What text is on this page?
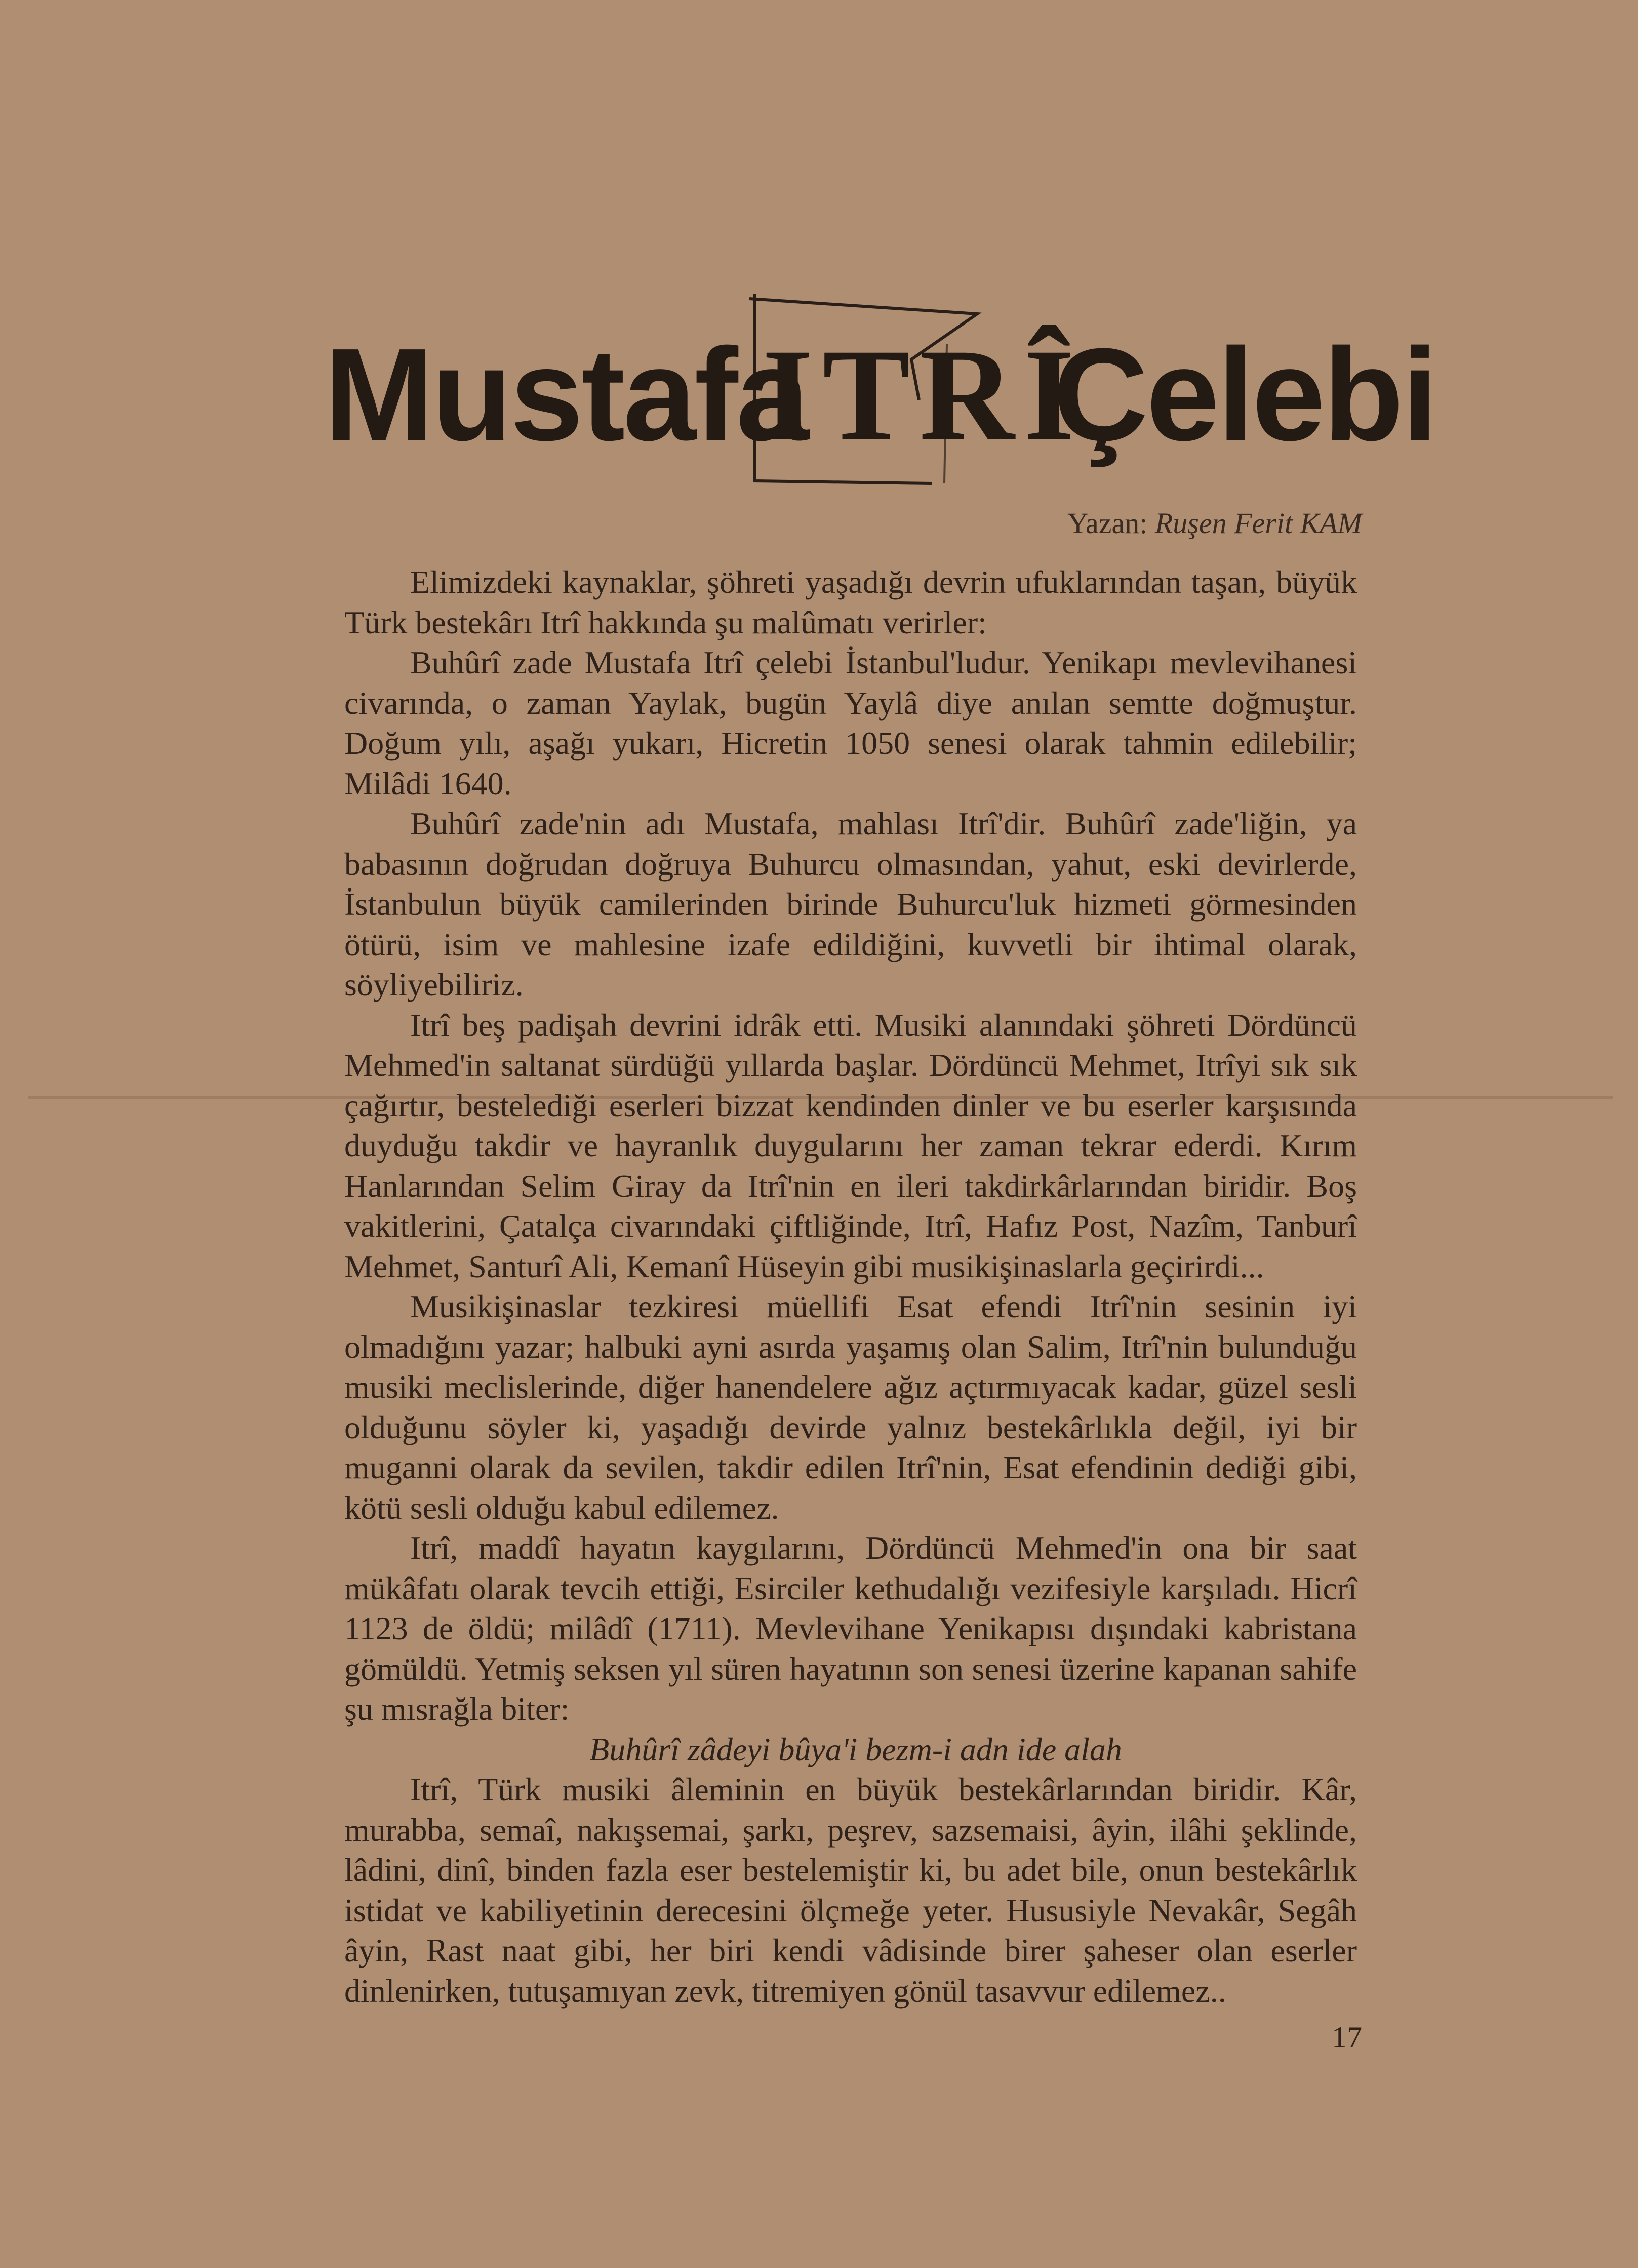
Mustafa
ITRÎ
Çelebi
Yazan: Ruşen Ferit KAM

Elimizdeki kaynaklar, şöhreti yaşadığı devrin ufuklarından taşan, büyük Türk bestekârı Itrî hakkında şu malûmatı verirler:

Buhûrî zade Mustafa Itrî çelebi İstanbul'ludur. Yenikapı mevlevihanesi civarında, o zaman Yaylak, bugün Yaylâ diye anılan semtte doğmuştur. Doğum yılı, aşağı yukarı, Hicretin 1050 senesi olarak tahmin edilebilir; Milâdi 1640.

Buhûrî zade'nin adı Mustafa, mahlası Itrî'dir. Buhûrî zade'liğin, ya babasının doğrudan doğruya Buhurcu olmasından, yahut, eski devirlerde, İstanbulun büyük camilerinden birinde Buhurcu'luk hizmeti görmesinden ötürü, isim ve mahlesine izafe edildiğini, kuvvetli bir ihtimal olarak, söyliyebiliriz.

Itrî beş padişah devrini idrâk etti. Musiki alanındaki şöhreti Dördüncü Mehmed'in saltanat sürdüğü yıllarda başlar. Dördüncü Mehmet, Itrîyi sık sık çağırtır, bestelediği eserleri bizzat kendinden dinler ve bu eserler karşısında duyduğu takdir ve hayranlık duygularını her zaman tekrar ederdi. Kırım Hanlarından Selim Giray da Itrî'nin en ileri takdirkârlarından biridir. Boş vakitlerini, Çatalça civarındaki çiftliğinde, Itrî, Hafız Post, Nazîm, Tanburî Mehmet, Santurî Ali, Kemanî Hüseyin gibi musikişinaslarla geçirirdi...

Musikişinaslar tezkiresi müellifi Esat efendi Itrî'nin sesinin iyi olmadığını yazar; halbuki ayni asırda yaşamış olan Salim, Itrî'nin bulunduğu musiki meclislerinde, diğer hanendelere ağız açtırmıyacak kadar, güzel sesli olduğunu söyler ki, yaşadığı devirde yalnız bestekârlıkla değil, iyi bir muganni olarak da sevilen, takdir edilen Itrî'nin, Esat efendinin dediği gibi, kötü sesli olduğu kabul edilemez.

Itrî, maddî hayatın kaygılarını, Dördüncü Mehmed'in ona bir saat mükâfatı olarak tevcih ettiği, Esirciler kethudalığı vezifesiyle karşıladı. Hicrî 1123 de öldü; milâdî (1711). Mevlevihane Yenikapısı dışındaki kabristana gömüldü. Yetmiş seksen yıl süren hayatının son senesi üzerine kapanan sahife şu mısrağla biter:

Buhûrî zâdeyi bûya'i bezm-i adn ide alah

Itrî, Türk musiki âleminin en büyük bestekârlarından biridir. Kâr, murabba, semaî, nakışsemai, şarkı, peşrev, sazsemaisi, âyin, ilâhi şeklinde, lâdini, dinî, binden fazla eser bestelemiştir ki, bu adet bile, onun bestekârlık istidat ve kabiliyetinin derecesini ölçmeğe yeter. Hususiyle Nevakâr, Segâh âyin, Rast naat gibi, her biri kendi vâdisinde birer şaheser olan eserler dinlenirken, tutuşamıyan zevk, titremiyen gönül tasavvur edilemez..

17
